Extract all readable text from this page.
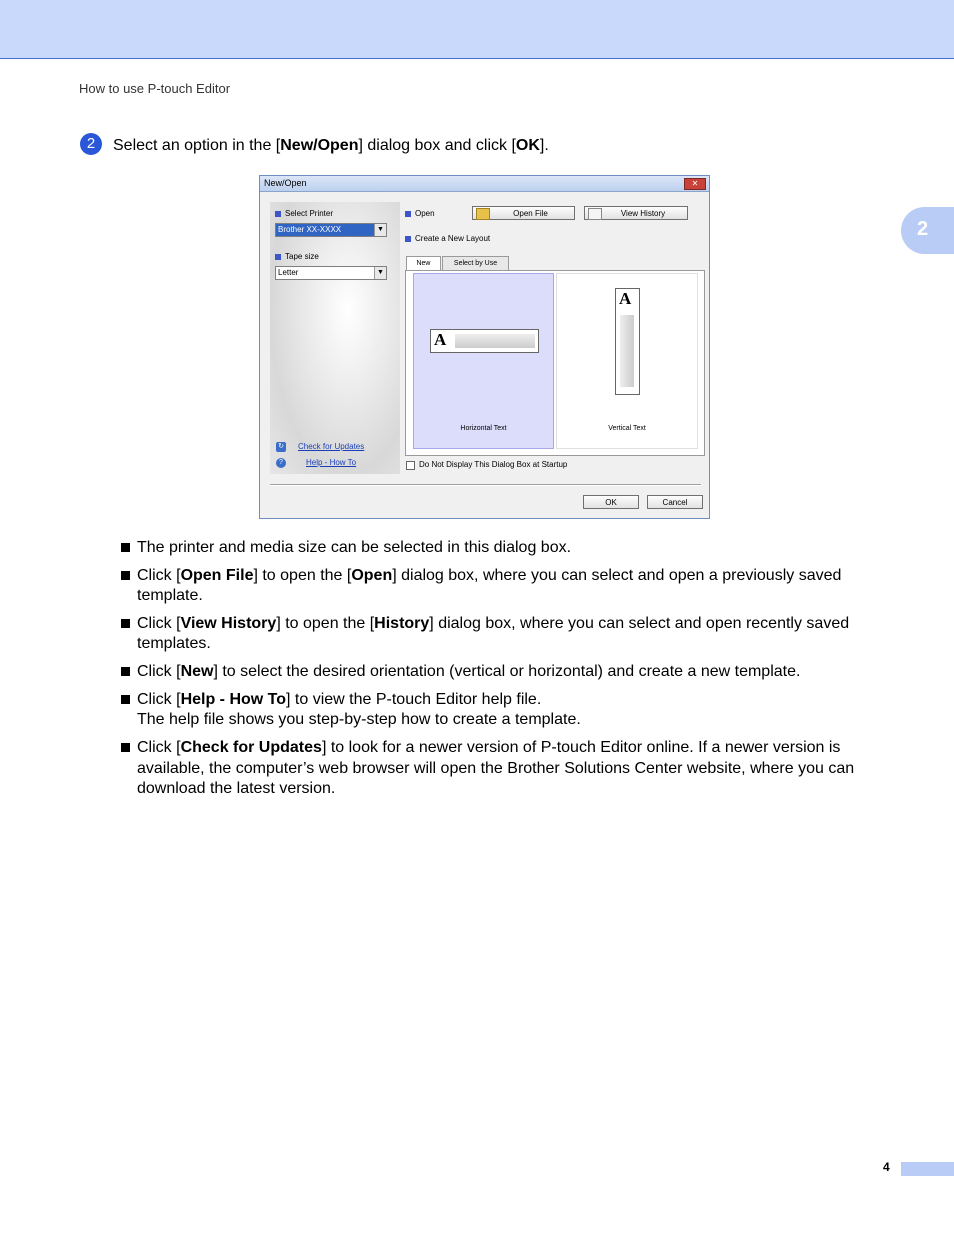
How to use P-touch Editor
2
2 Select an option in the [New/Open] dialog box and click [OK].
New/Open	✕
Select Printer
Brother XX-XXXX	▼
Tape size
Letter	▼
↻ Check for Updates
?	Help - How To
Open	Open File	View History
Create a New Layout
New	Select by Use
A
Horizontal Text
A
Vertical Text
Do Not Display This Dialog Box at Startup
OK	Cancel
The printer and media size can be selected in this dialog box.
Click [Open File] to open the [Open] dialog box, where you can select and open a previously saved template.
Click [View History] to open the [History] dialog box, where you can select and open recently saved templates.
Click [New] to select the desired orientation (vertical or horizontal) and create a new template.
Click [Help - How To] to view the P-touch Editor help file.
The help file shows you step-by-step how to create a template.
Click [Check for Updates] to look for a newer version of P-touch Editor online. If a newer version is available, the computer’s web browser will open the Brother Solutions Center website, where you can download the latest version.
4
